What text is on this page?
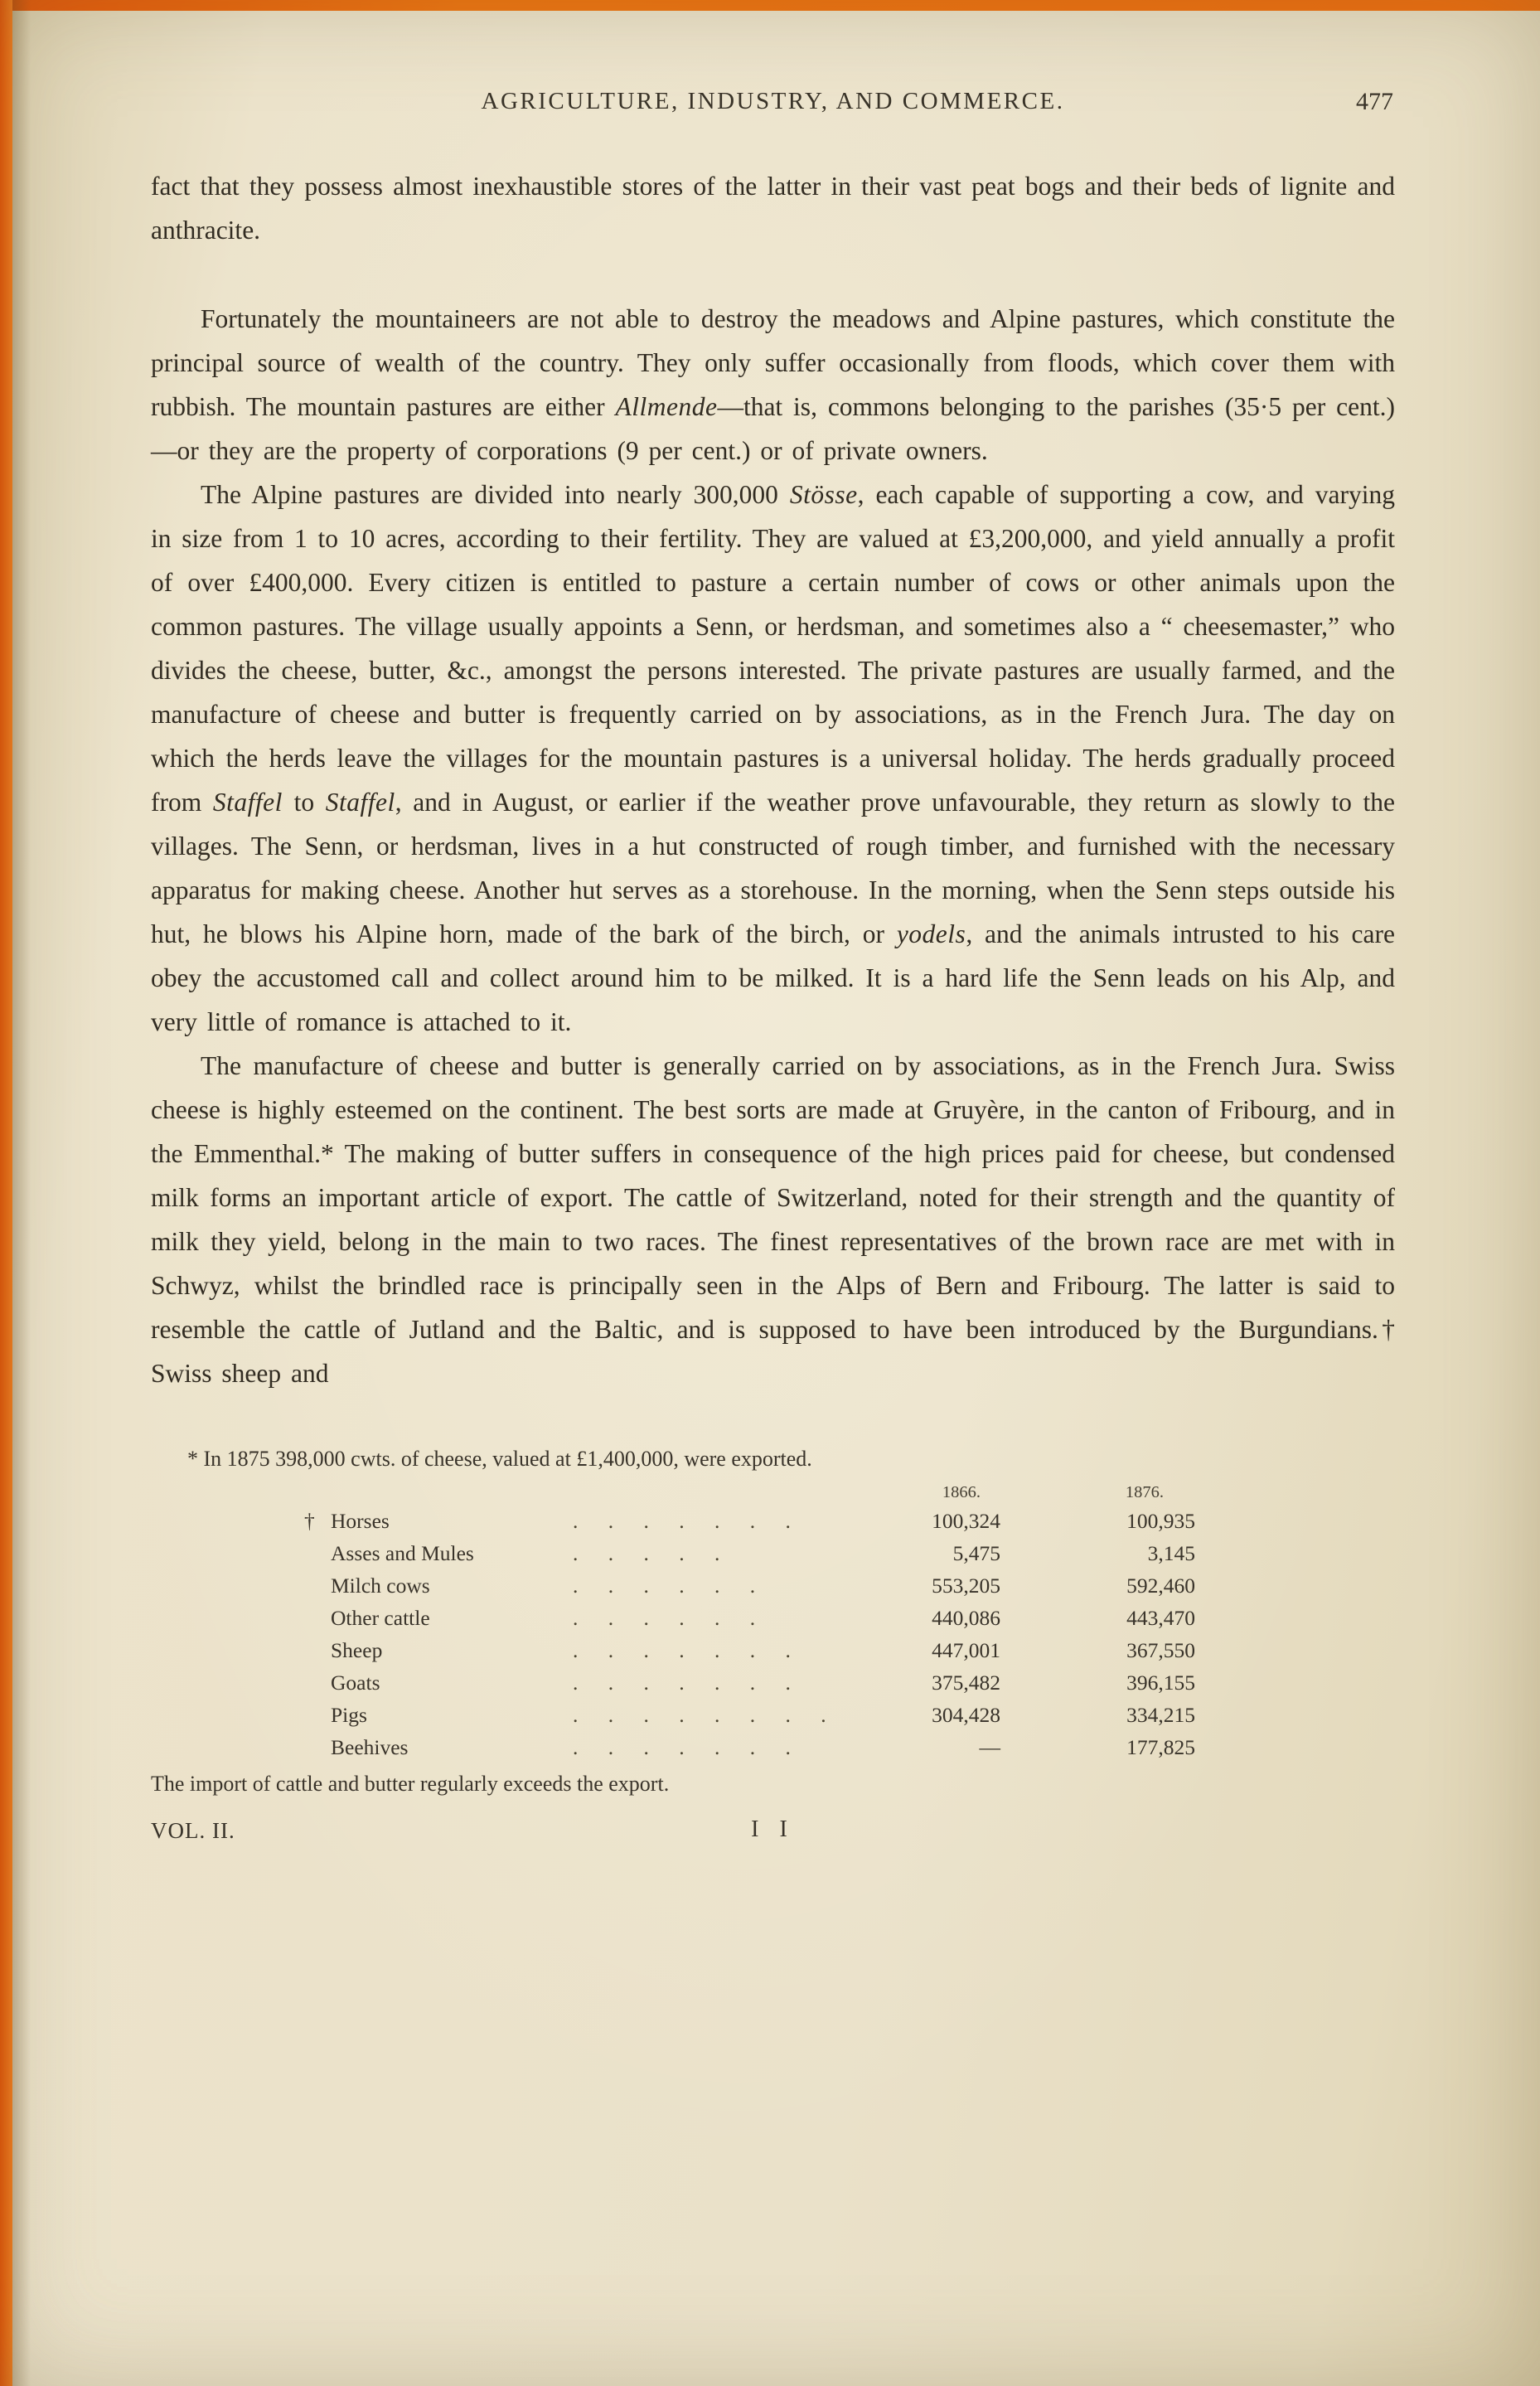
AGRICULTURE, INDUSTRY, AND COMMERCE.	477

fact that they possess almost inexhaustible stores of the latter in their vast peat bogs and their beds of lignite and anthracite.

Fortunately the mountaineers are not able to destroy the meadows and Alpine pastures, which constitute the principal source of wealth of the country. They only suffer occasionally from floods, which cover them with rubbish. The mountain pastures are either Allmende—that is, commons belonging to the parishes (35·5 per cent.)—or they are the property of corporations (9 per cent.) or of private owners.

The Alpine pastures are divided into nearly 300,000 Stösse, each capable of supporting a cow, and varying in size from 1 to 10 acres, according to their fertility. They are valued at £3,200,000, and yield annually a profit of over £400,000. Every citizen is entitled to pasture a certain number of cows or other animals upon the common pastures. The village usually appoints a Senn, or herdsman, and sometimes also a “ cheesemaster,” who divides the cheese, butter, &c., amongst the persons interested. The private pastures are usually farmed, and the manufacture of cheese and butter is frequently carried on by associations, as in the French Jura. The day on which the herds leave the villages for the mountain pastures is a universal holiday. The herds gradually proceed from Staffel to Staffel, and in August, or earlier if the weather prove unfavourable, they return as slowly to the villages. The Senn, or herdsman, lives in a hut constructed of rough timber, and furnished with the necessary apparatus for making cheese. Another hut serves as a storehouse. In the morning, when the Senn steps outside his hut, he blows his Alpine horn, made of the bark of the birch, or yodels, and the animals intrusted to his care obey the accustomed call and collect around him to be milked. It is a hard life the Senn leads on his Alp, and very little of romance is attached to it.

The manufacture of cheese and butter is generally carried on by associations, as in the French Jura. Swiss cheese is highly esteemed on the continent. The best sorts are made at Gruyère, in the canton of Fribourg, and in the Emmenthal.* The making of butter suffers in consequence of the high prices paid for cheese, but condensed milk forms an important article of export. The cattle of Switzerland, noted for their strength and the quantity of milk they yield, belong in the main to two races. The finest representatives of the brown race are met with in Schwyz, whilst the brindled race is principally seen in the Alps of Bern and Fribourg. The latter is said to resemble the cattle of Jutland and the Baltic, and is supposed to have been introduced by the Burgundians.† Swiss sheep and

* In 1875 398,000 cwts. of cheese, valued at £1,400,000, were exported.

1866.	1876.
† Horses	. . . . . . .	100,324	100,935
Asses and Mules	. . . . .	5,475	3,145
Milch cows	. . . . . .	553,205	592,460
Other cattle	. . . . . .	440,086	443,470
Sheep	. . . . . . .	447,001	367,550
Goats	. . . . . . .	375,482	396,155
Pigs	. . . . . . . .	304,428	334,215
Beehives	. . . . . . .	—	177,825

The import of cattle and butter regularly exceeds the export.

VOL. II.	I I
